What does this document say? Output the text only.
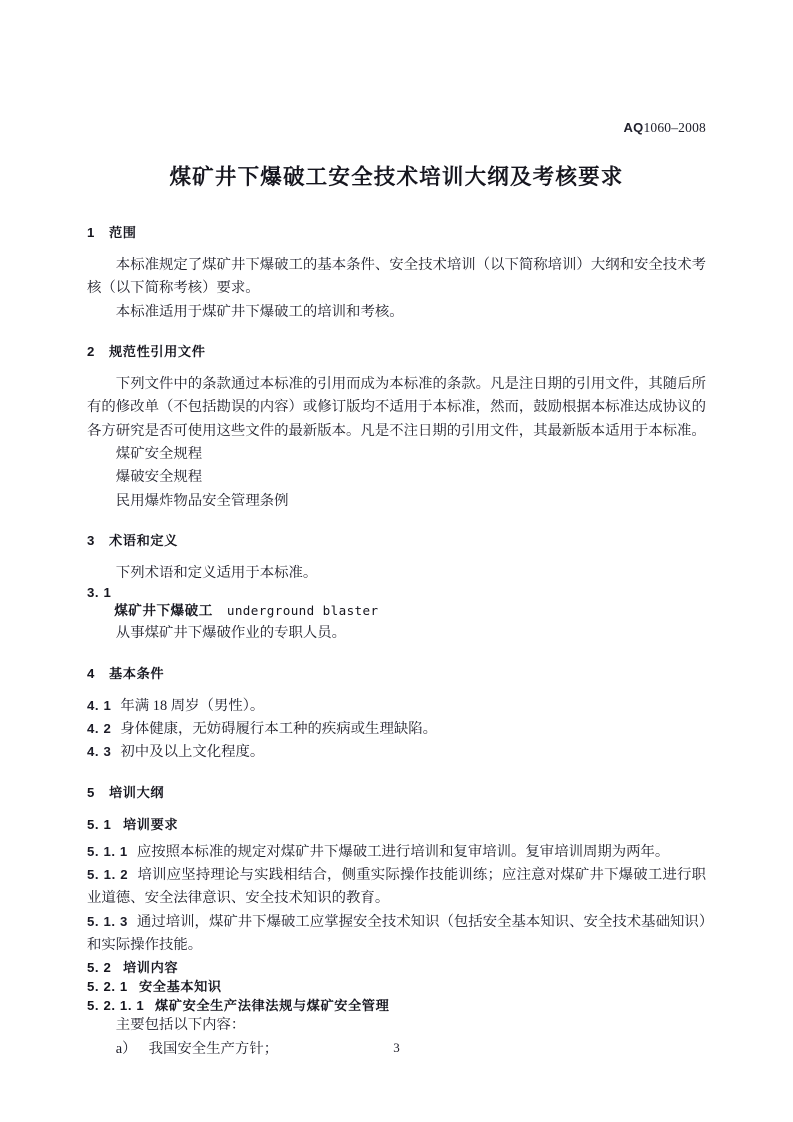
AQ1060–2008
煤矿井下爆破工安全技术培训大纲及考核要求
1 范围

本标准规定了煤矿井下爆破工的基本条件、安全技术培训（以下简称培训）大纲和安全技术考核（以下简称考核）要求。

本标准适用于煤矿井下爆破工的培训和考核。

2 规范性引用文件

下列文件中的条款通过本标准的引用而成为本标准的条款。凡是注日期的引用文件，其随后所有的修改单（不包括勘误的内容）或修订版均不适用于本标准，然而，鼓励根据本标准达成协议的各方研究是否可使用这些文件的最新版本。凡是不注日期的引用文件，其最新版本适用于本标准。

煤矿安全规程

爆破安全规程

民用爆炸物品安全管理条例

3 术语和定义

下列术语和定义适用于本标准。

3. 1

煤矿井下爆破工 underground blaster

从事煤矿井下爆破作业的专职人员。

4 基本条件

4. 1 年满 18 周岁（男性）。

4. 2 身体健康，无妨碍履行本工种的疾病或生理缺陷。

4. 3 初中及以上文化程度。

5 培训大纲
5. 1 培训要求

5. 1. 1 应按照本标准的规定对煤矿井下爆破工进行培训和复审培训。复审培训周期为两年。

5. 1. 2 培训应坚持理论与实践相结合，侧重实际操作技能训练；应注意对煤矿井下爆破工进行职业道德、安全法律意识、安全技术知识的教育。

5. 1. 3 通过培训，煤矿井下爆破工应掌握安全技术知识（包括安全基本知识、安全技术基础知识）和实际操作技能。

5. 2 培训内容
5. 2. 1 安全基本知识
5. 2. 1. 1 煤矿安全生产法律法规与煤矿安全管理

主要包括以下内容：

a） 我国安全生产方针；	3
